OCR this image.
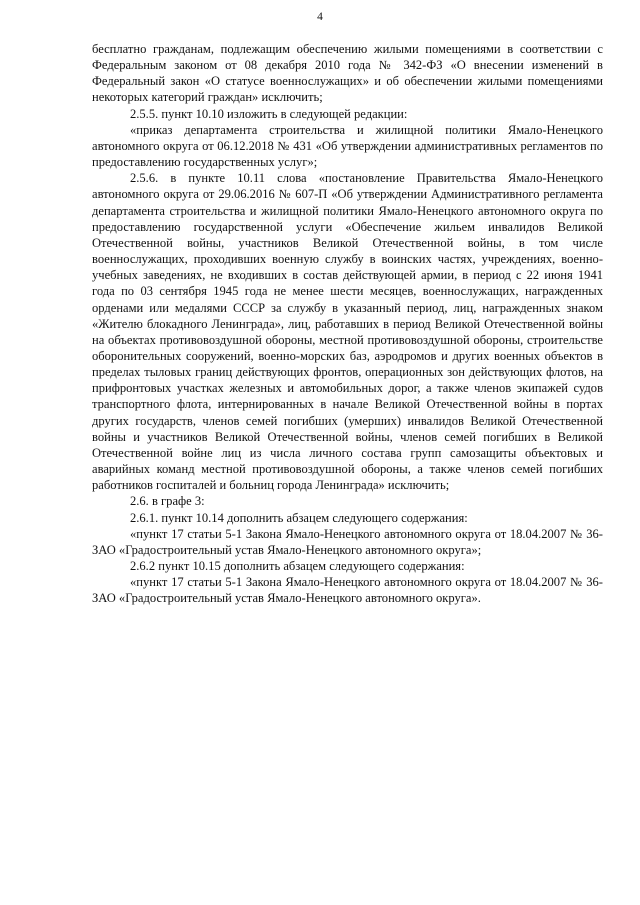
4

бесплатно гражданам, подлежащим обеспечению жилыми помещениями в соответствии с Федеральным законом от 08 декабря 2010 года № 342-ФЗ «О внесении изменений в Федеральный закон «О статусе военнослужащих» и об обеспечении жилыми помещениями некоторых категорий граждан» исключить;

2.5.5. пункт 10.10 изложить в следующей редакции:

«приказ департамента строительства и жилищной политики Ямало-Ненецкого автономного округа от 06.12.2018 № 431 «Об утверждении административных регламентов по предоставлению государственных услуг»;

2.5.6. в пункте 10.11 слова «постановление Правительства Ямало-Ненецкого автономного округа от 29.06.2016 № 607-П «Об утверждении Административного регламента департамента строительства и жилищной политики Ямало-Ненецкого автономного округа по предоставлению государственной услуги «Обеспечение жильем инвалидов Великой Отечественной войны, участников Великой Отечественной войны, в том числе военнослужащих, проходивших военную службу в воинских частях, учреждениях, военно-учебных заведениях, не входивших в состав действующей армии, в период с 22 июня 1941 года по 03 сентября 1945 года не менее шести месяцев, военнослужащих, награжденных орденами или медалями СССР за службу в указанный период, лиц, награжденных знаком «Жителю блокадного Ленинграда», лиц, работавших в период Великой Отечественной войны на объектах противовоздушной обороны, местной противовоздушной обороны, строительстве оборонительных сооружений, военно-морских баз, аэродромов и других военных объектов в пределах тыловых границ действующих фронтов, операционных зон действующих флотов, на прифронтовых участках железных и автомобильных дорог, а также членов экипажей судов транспортного флота, интернированных в начале Великой Отечественной войны в портах других государств, членов семей погибших (умерших) инвалидов Великой Отечественной войны и участников Великой Отечественной войны, членов семей погибших в Великой Отечественной войне лиц из числа личного состава групп самозащиты объектовых и аварийных команд местной противовоздушной обороны, а также членов семей погибших работников госпиталей и больниц города Ленинграда» исключить;

2.6. в графе 3:

2.6.1. пункт 10.14 дополнить абзацем следующего содержания:

«пункт 17 статьи 5-1 Закона Ямало-Ненецкого автономного округа от 18.04.2007 № 36-ЗАО «Градостроительный устав Ямало-Ненецкого автономного округа»;

2.6.2 пункт 10.15 дополнить абзацем следующего содержания:

«пункт 17 статьи 5-1 Закона Ямало-Ненецкого автономного округа от 18.04.2007 № 36-ЗАО «Градостроительный устав Ямало-Ненецкого автономного округа».
